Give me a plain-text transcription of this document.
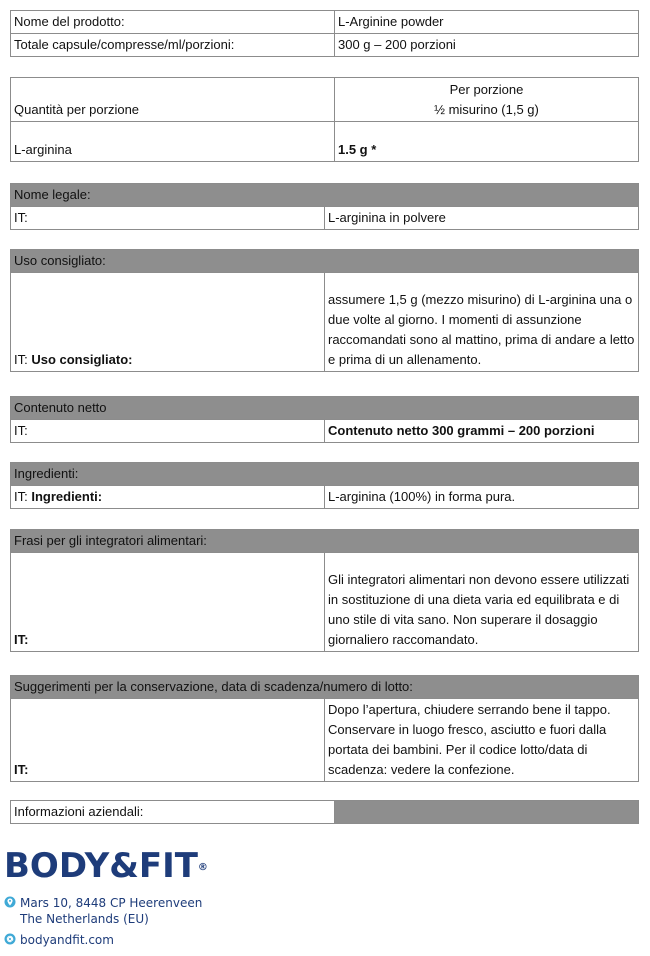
Nome del prodotto:	L-Arginine powder
Totale capsule/compresse/ml/porzioni:	300 g – 200 porzioni
Quantità per porzione	Per porzione
½ misurino (1,5 g)

L-arginina	1.5 g *
Nome legale:
IT:	L-arginina in polvere
Uso consigliato:
IT: Uso consigliato:	assumere 1,5 g (mezzo misurino) di L-arginina una o due volte al giorno. I momenti di assunzione raccomandati sono al mattino, prima di andare a letto e prima di un allenamento.
Contenuto netto
IT:	Contenuto netto 300 grammi – 200 porzioni
Ingredienti:
IT: Ingredienti:	L-arginina (100%) in forma pura.
Frasi per gli integratori alimentari:
IT:	Gli integratori alimentari non devono essere utilizzati in sostituzione di una dieta varia ed equilibrata e di uno stile di vita sano. Non superare il dosaggio giornaliero raccomandato.
Suggerimenti per la conservazione, data di scadenza/numero di lotto:
IT:	Dopo l’apertura, chiudere serrando bene il tappo. Conservare in luogo fresco, asciutto e fuori dalla portata dei bambini. Per il codice lotto/data di scadenza: vedere la confezione.
Informazioni aziendali:	
BODY&FIT®
Mars 10, 8448 CP Heerenveen
The Netherlands (EU)
bodyandfit.com
